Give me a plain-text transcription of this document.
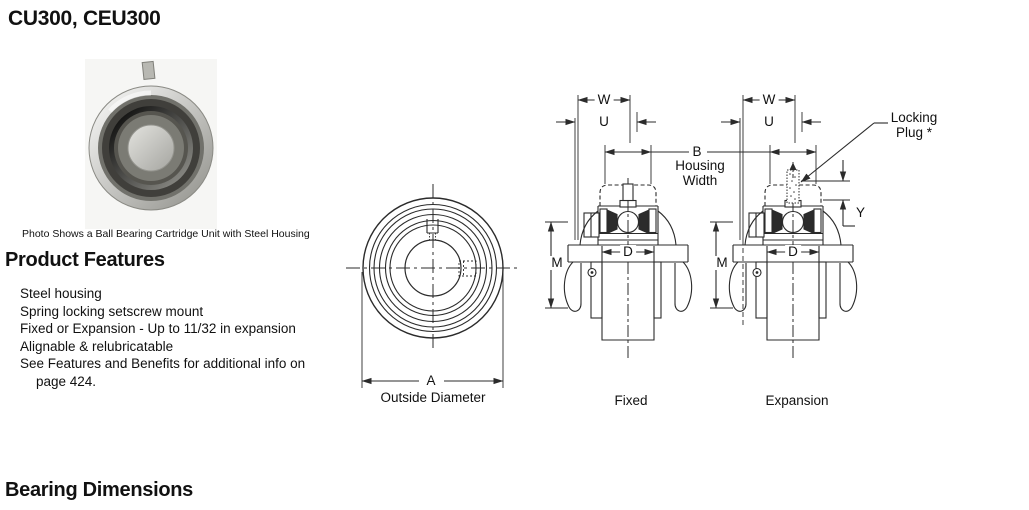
CU300, CEU300
Photo Shows a Ball Bearing Cartridge Unit with Steel Housing
Product Features
Steel housing
Spring locking setscrew mount
Fixed or Expansion - Up to 11/32 in expansion
Alignable & relubricatable
See Features and Benefits for additional info on page 424.
Bearing Dimensions
A
Outside Diameter
W
U
W
U
B
Housing Width
M	M
D	D
Y
Locking Plug *
Fixed	Expansion
